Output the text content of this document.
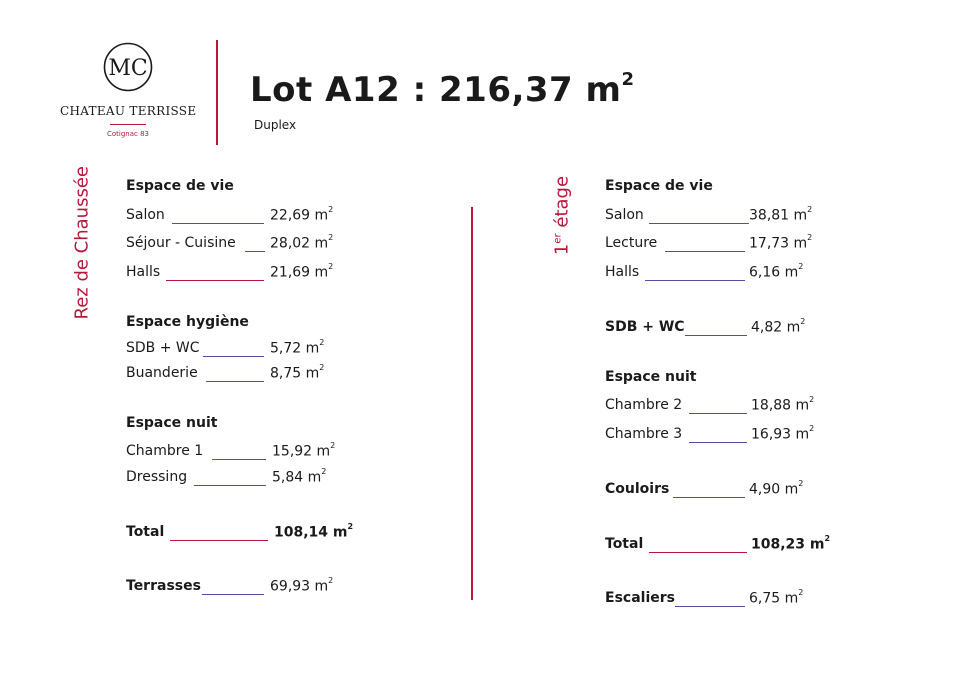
MC
CHATEAU TERRISSE
Cotignac 83
Lot A12 : 216,37 $m^2$
Duplex
Rez de Chaussée	1er étage
Espace de vie
Salon	22,69 $m^2$
Séjour - Cuisine 28,02 $m^2$
Halls	21,69 $m^2$
Espace hygiène
SDB + WC	5,72 $m^2$
Buanderie	8,75 $m^2$
Espace nuit
Chambre 1	15,92 $m^2$
Dressing	5,84 $m^2$
Total	108,14 $m^2$
Terrasses	69,93 $m^2$
Espace de vie
Salon	38,81 $m^2$
Lecture	17,73 $m^2$
Halls	6,16 $m^2$
SDB + WC	4,82 $m^2$
Espace nuit
Chambre 2	18,88 $m^2$
Chambre 3	16,93 $m^2$
Couloirs	4,90 $m^2$
Total	108,23 $m^2$
Escaliers	6,75 $m^2$
